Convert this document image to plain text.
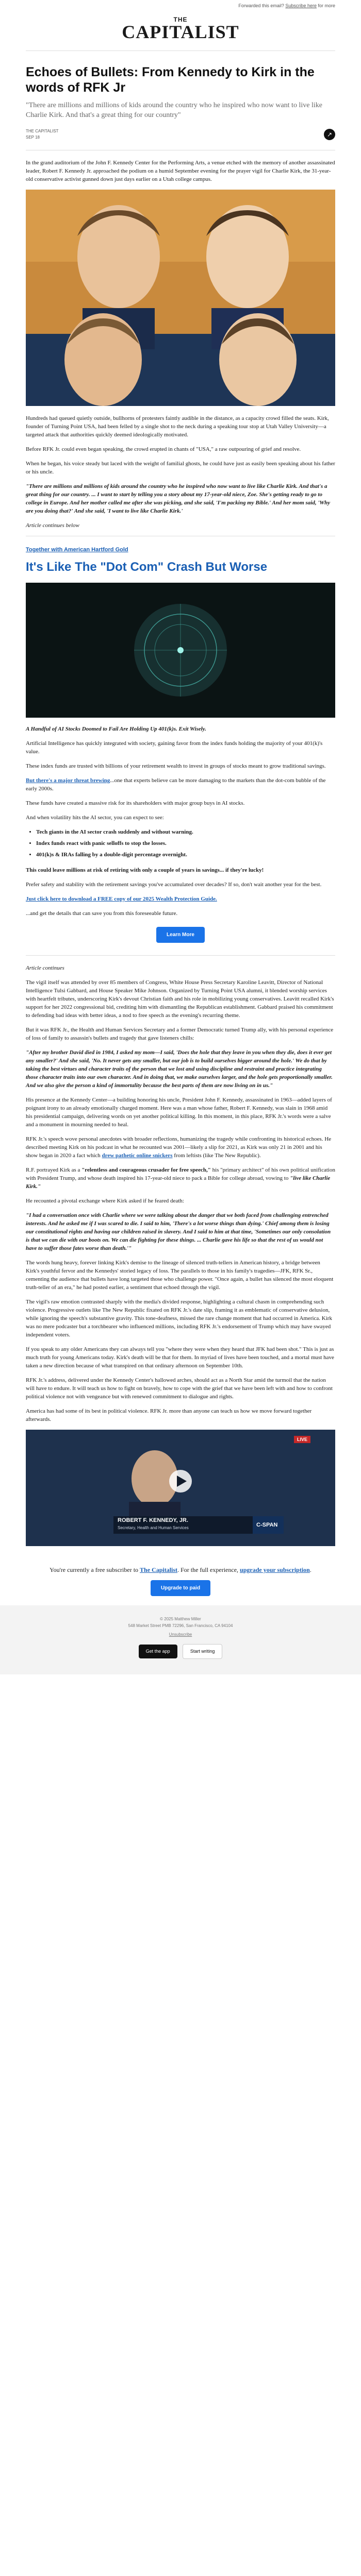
Forwarded this email? Subscribe here for more
THE
CAPITALIST
Echoes of Bullets: From Kennedy to Kirk in the words of RFK Jr
"There are millions and millions of kids around the country who he inspired who now want to live like Charlie Kirk. And that's a great thing for our country"
THE CAPITALIST
SEP 18	↗

In the grand auditorium of the John F. Kennedy Center for the Performing Arts, a venue etched with the memory of another assassinated leader, Robert F. Kennedy Jr. approached the podium on a humid September evening for the prayer vigil for Charlie Kirk, the 31-year-old conservative activist gunned down just days earlier on a Utah college campus.

Hundreds had queued quietly outside, bullhorns of protesters faintly audible in the distance, as a capacity crowd filled the seats. Kirk, founder of Turning Point USA, had been felled by a single shot to the neck during a speaking tour stop at Utah Valley University—a targeted attack that authorities quickly deemed ideologically motivated.

Before RFK Jr. could even began speaking, the crowd erupted in chants of "USA," a raw outpouring of grief and resolve.

When he began, his voice steady but laced with the weight of familial ghosts, he could have just as easily been speaking about his father or his uncle.

"There are millions and millions of kids around the country who he inspired who now want to live like Charlie Kirk. And that's a great thing for our country. ... I want to start by telling you a story about my 17-year-old niece, Zoe. She's getting ready to go to college in Europe. And her mother called me after she was picking, and she said, 'I'm packing my Bible.' And her mom said, 'Why are you doing that?' And she said, 'I want to live like Charlie Kirk.'

Article continues below

Together with American Hartford Gold
It's Like The "Dot Com" Crash But Worse

A Handful of AI Stocks Doomed to Fail Are Holding Up 401(k)s. Exit Wisely.

Artificial Intelligence has quickly integrated with society, gaining favor from the index funds holding the majority of your 401(k)'s value.

These index funds are trusted with billions of your retirement wealth to invest in groups of stocks meant to grow traditional savings.

But there's a major threat brewing...one that experts believe can be more damaging to the markets than the dot-com bubble of the early 2000s.

These funds have created a massive risk for its shareholders with major group buys in AI stocks.

And when volatility hits the AI sector, you can expect to see:

• Tech giants in the AI sector crash suddenly and without warning.
• Index funds react with panic selloffs to stop the losses.
• 401(k)s & IRAs falling by a double-digit percentage overnight.

This could leave millions at risk of retiring with only a couple of years in savings... if they're lucky!

Prefer safety and stability with the retirement savings you've accumulated over decades? If so, don't wait another year for the best.

Just click here to download a FREE copy of our 2025 Wealth Protection Guide.

...and get the details that can save you from this foreseeable future.

Learn More

Article continues

The vigil itself was attended by over 85 members of Congress, White House Press Secretary Karoline Leavitt, Director of National Intelligence Tulsi Gabbard, and House Speaker Mike Johnson. Organized by Turning Point USA alumni, it blended worship services with heartfelt tributes, underscoring Kirk's devout Christian faith and his role in mobilizing young conservatives. Leavitt recalled Kirk's support for her 2022 congressional bid, crediting him with dismantling the Republican establishment. Gabbard praised his commitment to defending bad ideas with better ideas, a nod to free speech as the evening's recurring theme.

But it was RFK Jr., the Health and Human Services Secretary and a former Democratic turned Trump ally, with his personal experience of loss of family to assassin's bullets and tragedy that gave listeners chills:

"After my brother David died in 1984, I asked my mom—I said, 'Does the hole that they leave in you when they die, does it ever get any smaller?' And she said, 'No. It never gets any smaller, but our job is to build ourselves bigger around the hole.' We do that by taking the best virtues and character traits of the person that we lost and using discipline and restraint and practice integrating those character traits into our own character. And in doing that, we make ourselves larger, and the hole gets proportionally smaller. And we also give the person a kind of immortality because the best parts of them are now living on in us."

His presence at the Kennedy Center—a building honoring his uncle, President John F. Kennedy, assassinated in 1963—added layers of poignant irony to an already emotionally charged moment. Here was a man whose father, Robert F. Kennedy, was slain in 1968 amid his presidential campaign, delivering words on yet another political killing. In this moment, in this place, RFK Jr.'s words were a salve and a monument in mourning needed to heal.

RFK Jr.'s speech wove personal anecdotes with broader reflections, humanizing the tragedy while confronting its historical echoes. He described meeting Kirk on his podcast in what he recounted was 2001—likely a slip for 2021, as Kirk was only 21 in 2001 and his show began in 2020 a fact which drew pathetic online snickers from leftists (like The New Republic).

R.F. portrayed Kirk as a "relentless and courageous crusader for free speech," his "primary architect" of his own political unification with President Trump, and whose death inspired his 17-year-old niece to pack a Bible for college abroad, vowing to "live like Charlie Kirk."

He recounted a pivotal exchange where Kirk asked if he feared death:

"I had a conversation once with Charlie where we were talking about the danger that we both faced from challenging entrenched interests. And he asked me if I was scared to die. I said to him, 'There's a lot worse things than dying.' Chief among them is losing our constitutional rights and having our children raised in slavery. And I said to him at that time, 'Sometimes our only consolation is that we can die with our boots on. We can die fighting for these things. ... Charlie gave his life so that the rest of us would not have to suffer those fates worse than death.'"

The words hung heavy, forever linking Kirk's demise to the lineage of silenced truth-tellers in American history, a bridge between Kirk's youthful fervor and the Kennedys' storied legacy of loss. The parallels to those in his family's tragedies—JFK, RFK Sr., cementing the audience that bullets have long targeted those who challenge power. "Once again, a bullet has silenced the most eloquent truth-teller of an era," he had posted earlier, a sentiment that echoed through the vigil.

The vigil's raw emotion contrasted sharply with the media's divided response, highlighting a cultural chasm in comprehending such violence. Progressive outlets like The New Republic fixated on RFK Jr.'s date slip, framing it as emblematic of conservative delusion, while ignoring the speech's substantive gravity. This tone-deafness, missed the rare change moment that had occurred in America. Kirk was no mere podcaster but a torchbearer who influenced millions, including RFK Jr.'s endorsement of Trump which may have swayed independent voters.

If you speak to any older Americans they can always tell you "where they were when they heard that JFK had been shot." This is just as much truth for young Americans today. Kirk's death will be that for them. In myriad of lives have been touched, and a mortal must have taken a new direction because of what transpired on that ordinary afternoon on September 10th.

RFK Jr.'s address, delivered under the Kennedy Center's hallowed arches, should act as a North Star amid the turmoil that the nation will have to endure. It will teach us how to fight on bravely, how to cope with the grief that we have been left with and how to confront political violence not with vengeance but with renewed commitment to dialogue and rights.

America has had some of its best in political violence. RFK Jr. more than anyone can teach us how we move forward together afterwards.

ROBERT F. KENNEDY, JR.
Secretary, Health and Human Services	C-SPAN
LIVE

You're currently a free subscriber to The Capitalist. For the full experience, upgrade your subscription.

Upgrade to paid
© 2025 Matthew Miller
548 Market Street PMB 72296, San Francisco, CA 94104
Unsubscribe
Get the app	Start writing
